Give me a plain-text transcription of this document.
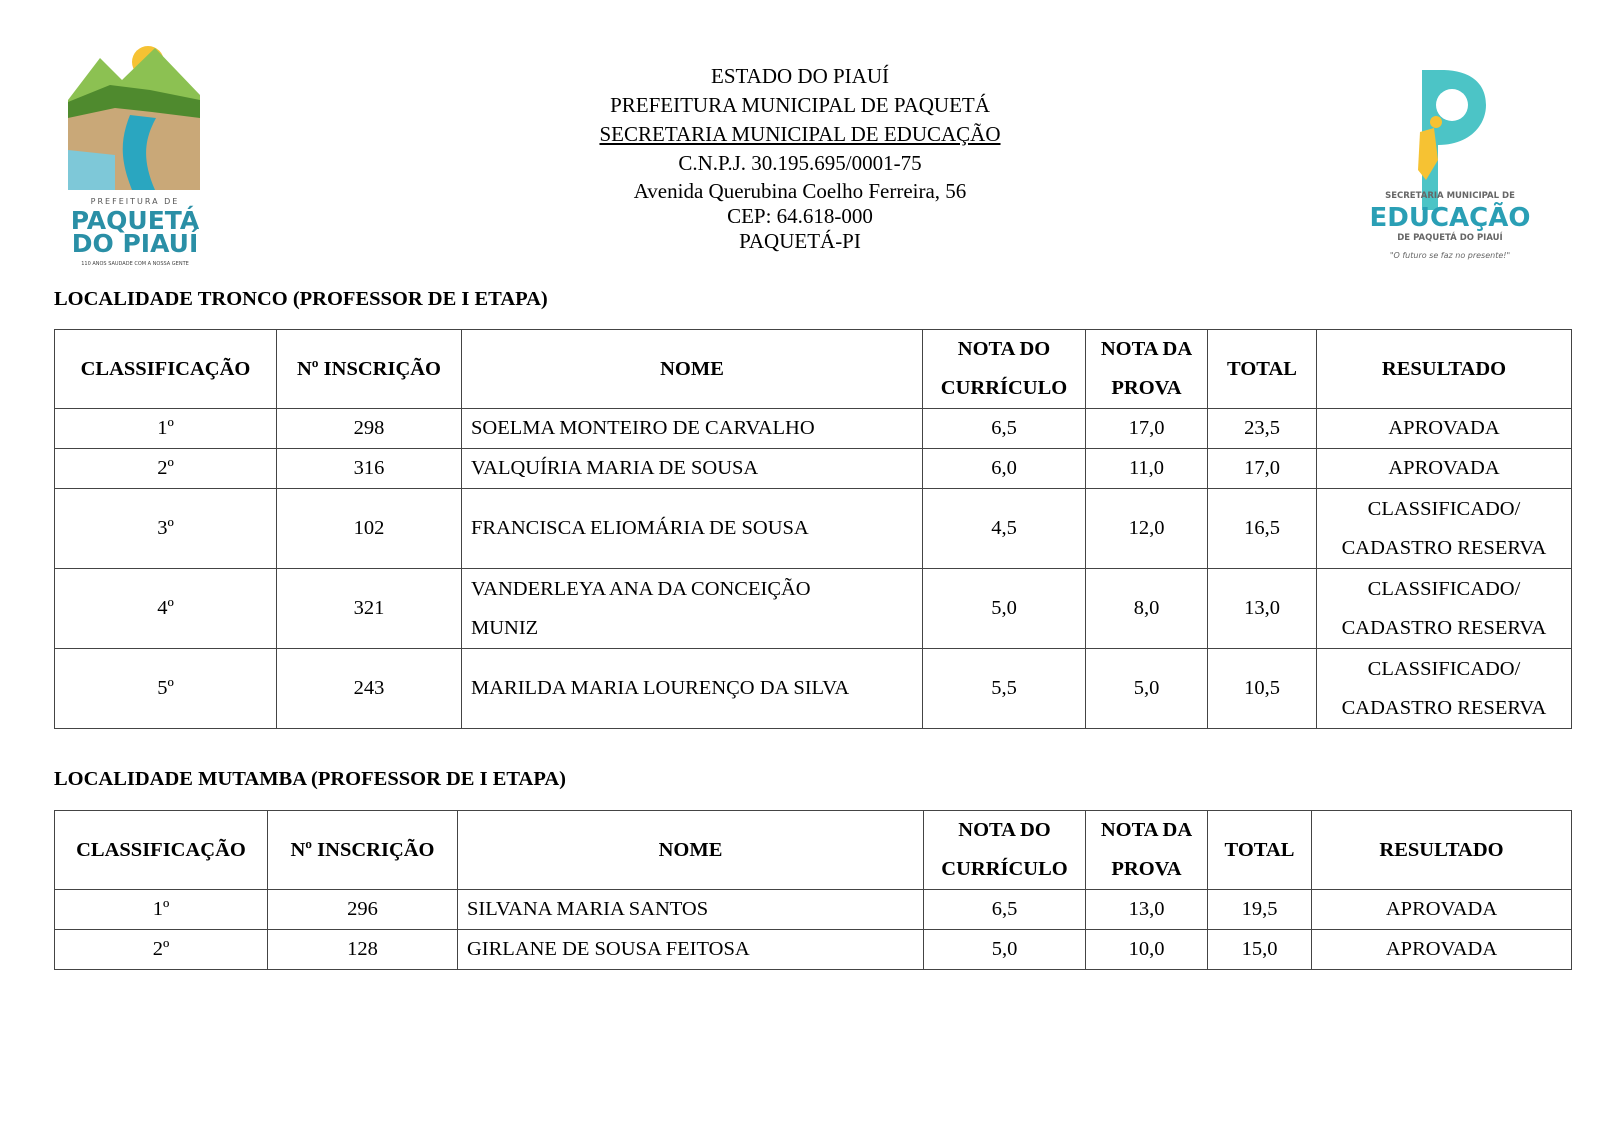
PREFEITURA DE
PAQUETÁ
DO PIAUÍ
110 ANOS SAUDADE COM A NOSSA GENTE
SECRETARIA MUNICIPAL DE
EDUCAÇÃO
DE PAQUETÁ DO PIAUÍ
"O futuro se faz no presente!"
ESTADO DO PIAUÍ
PREFEITURA MUNICIPAL DE PAQUETÁ
SECRETARIA MUNICIPAL DE EDUCAÇÃO
C.N.P.J. 30.195.695/0001-75
Avenida Querubina Coelho Ferreira, 56
CEP: 64.618-000
PAQUETÁ-PI
LOCALIDADE TRONCO (PROFESSOR DE I ETAPA)
CLASSIFICAÇÃO	Nº INSCRIÇÃO	NOME	NOTA DO
CURRÍCULO	NOTA DA
PROVA	TOTAL	RESULTADO
1º	298	SOELMA MONTEIRO DE CARVALHO	6,5	17,0	23,5	APROVADA
2º	316	VALQUÍRIA MARIA DE SOUSA	6,0	11,0	17,0	APROVADA
3º	102	FRANCISCA ELIOMÁRIA DE SOUSA	4,5	12,0	16,5	CLASSIFICADO/
CADASTRO RESERVA
4º	321	VANDERLEYA ANA DA CONCEIÇÃO
MUNIZ	5,0	8,0	13,0	CLASSIFICADO/
CADASTRO RESERVA
5º	243	MARILDA MARIA LOURENÇO DA SILVA	5,5	5,0	10,5	CLASSIFICADO/
CADASTRO RESERVA
LOCALIDADE MUTAMBA (PROFESSOR DE I ETAPA)
CLASSIFICAÇÃO	Nº INSCRIÇÃO	NOME	NOTA DO
CURRÍCULO	NOTA DA
PROVA	TOTAL	RESULTADO
1º	296	SILVANA MARIA SANTOS	6,5	13,0	19,5	APROVADA
2º	128	GIRLANE DE SOUSA FEITOSA	5,0	10,0	15,0	APROVADA
